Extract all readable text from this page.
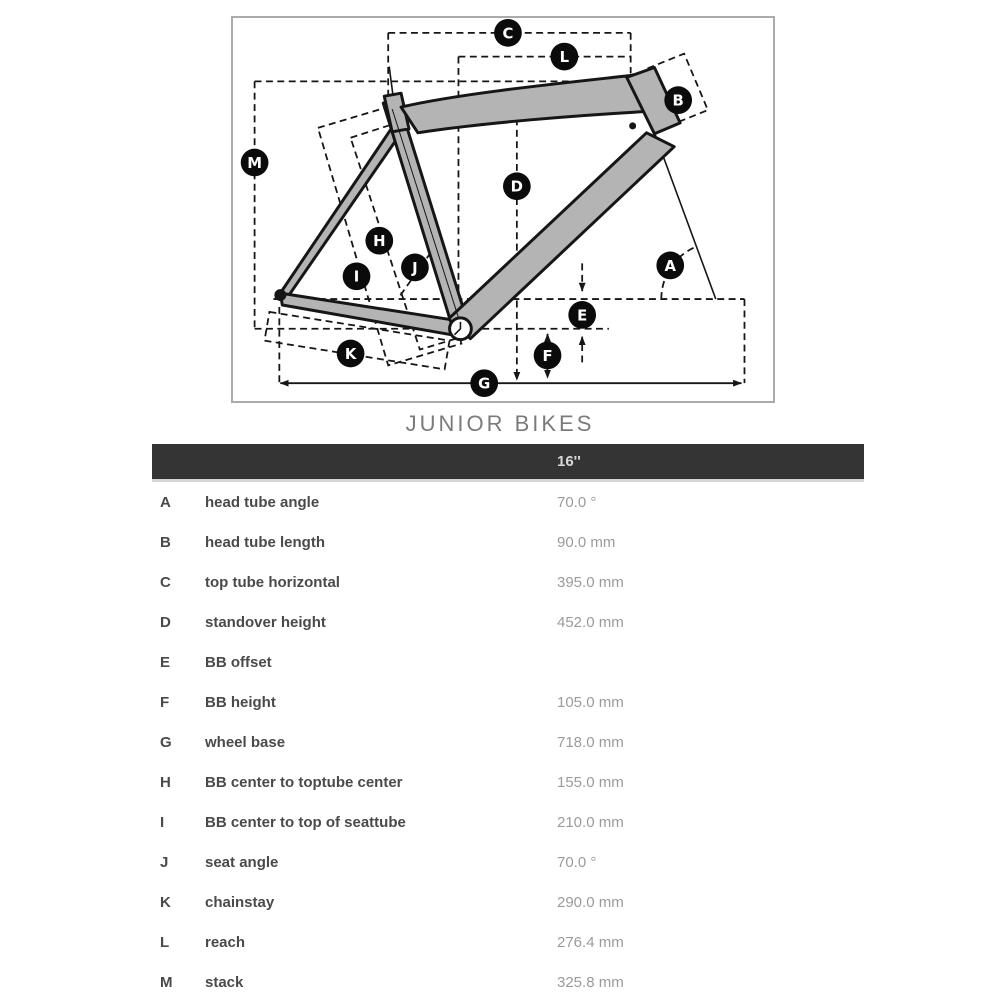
C
L
B
M
D
H
J
I
A
E
F
K
G
JUNIOR BIKES
16''
A	head tube angle	70.0 °
B	head tube length	90.0 mm
C	top tube horizontal	395.0 mm
D	standover height	452.0 mm
E	BB offset
F	BB height	105.0 mm
G	wheel base	718.0 mm
H	BB center to toptube center	155.0 mm
I	BB center to top of seattube	210.0 mm
J	seat angle	70.0 °
K	chainstay	290.0 mm
L	reach	276.4 mm
M	stack	325.8 mm
